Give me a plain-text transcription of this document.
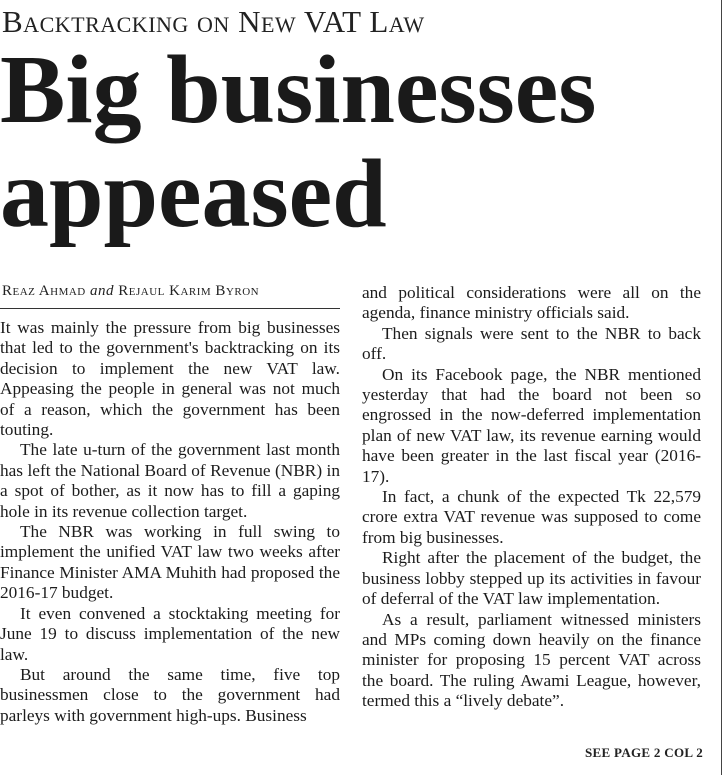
Backtracking on New VAT Law
Big businesses
appeased
Reaz Ahmad and Rejaul Karim Byron

It was mainly the pressure from big businesses that led to the government's backtracking on its decision to implement the new VAT law. Appeasing the people in general was not much of a reason, which the government has been touting.

The late u-turn of the government last month has left the National Board of Revenue (NBR) in a spot of bother, as it now has to fill a gaping hole in its revenue collection target.

The NBR was working in full swing to implement the unified VAT law two weeks after Finance Minister AMA Muhith had proposed the 2016-17 budget.

It even convened a stocktaking meeting for June 19 to discuss implementation of the new law.

But around the same time, five top businessmen close to the government had parleys with government high-ups. Business

and political considerations were all on the agenda, finance ministry officials said.

Then signals were sent to the NBR to back off.

On its Facebook page, the NBR mentioned yesterday that had the board not been so engrossed in the now-deferred implementation plan of new VAT law, its revenue earning would have been greater in the last fiscal year (2016-17).

In fact, a chunk of the expected Tk 22,579 crore extra VAT revenue was supposed to come from big businesses.

Right after the placement of the budget, the business lobby stepped up its activities in favour of deferral of the VAT law implementation.

As a result, parliament witnessed ministers and MPs coming down heavily on the finance minister for proposing 15 percent VAT across the board. The ruling Awami League, however, termed this a “lively debate”.

SEE PAGE 2 COL 2
